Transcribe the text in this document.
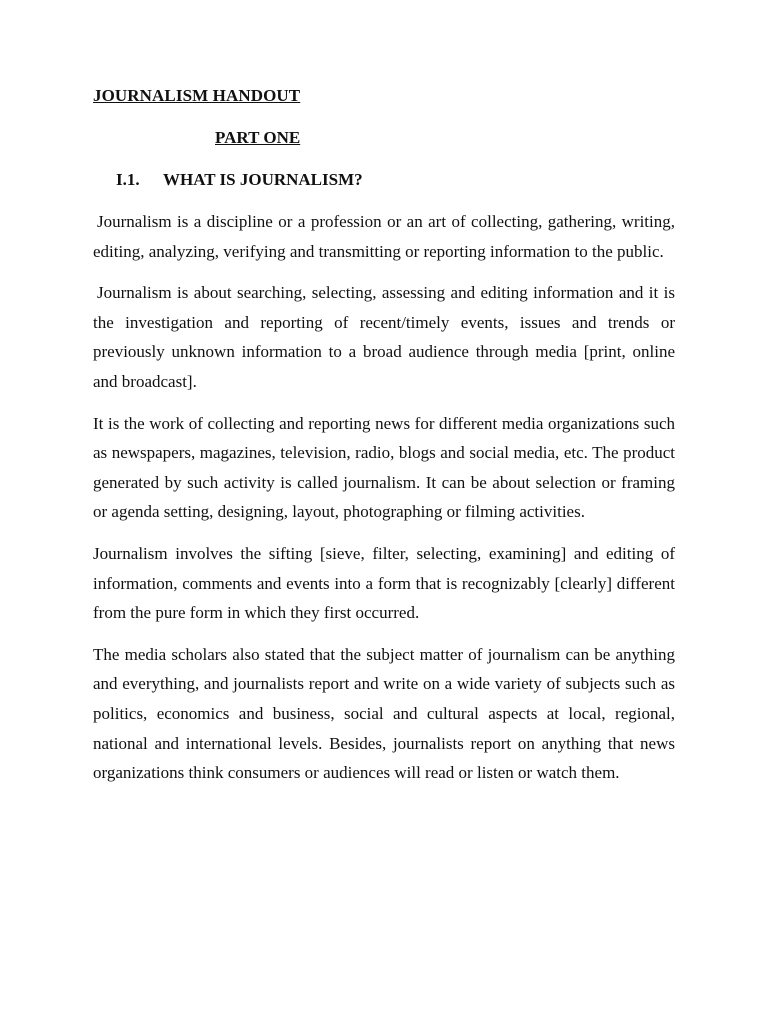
JOURNALISM HANDOUT
PART ONE
I.1. WHAT IS JOURNALISM?

Journalism is a discipline or a profession or an art of collecting, gathering, writing, editing, analyzing, verifying and transmitting or reporting information to the public.

Journalism is about searching, selecting, assessing and editing information and it is the investigation and reporting of recent/timely events, issues and trends or previously unknown information to a broad audience through media [print, online and broadcast].

It is the work of collecting and reporting news for different media organizations such as newspapers, magazines, television, radio, blogs and social media, etc. The product generated by such activity is called journalism. It can be about selection or framing or agenda setting, designing, layout, photographing or filming activities.

Journalism involves the sifting [sieve, filter, selecting, examining] and editing of information, comments and events into a form that is recognizably [clearly] different from the pure form in which they first occurred.

The media scholars also stated that the subject matter of journalism can be anything and everything, and journalists report and write on a wide variety of subjects such as politics, economics and business, social and cultural aspects at local, regional, national and international levels. Besides, journalists report on anything that news organizations think consumers or audiences will read or listen or watch them.
